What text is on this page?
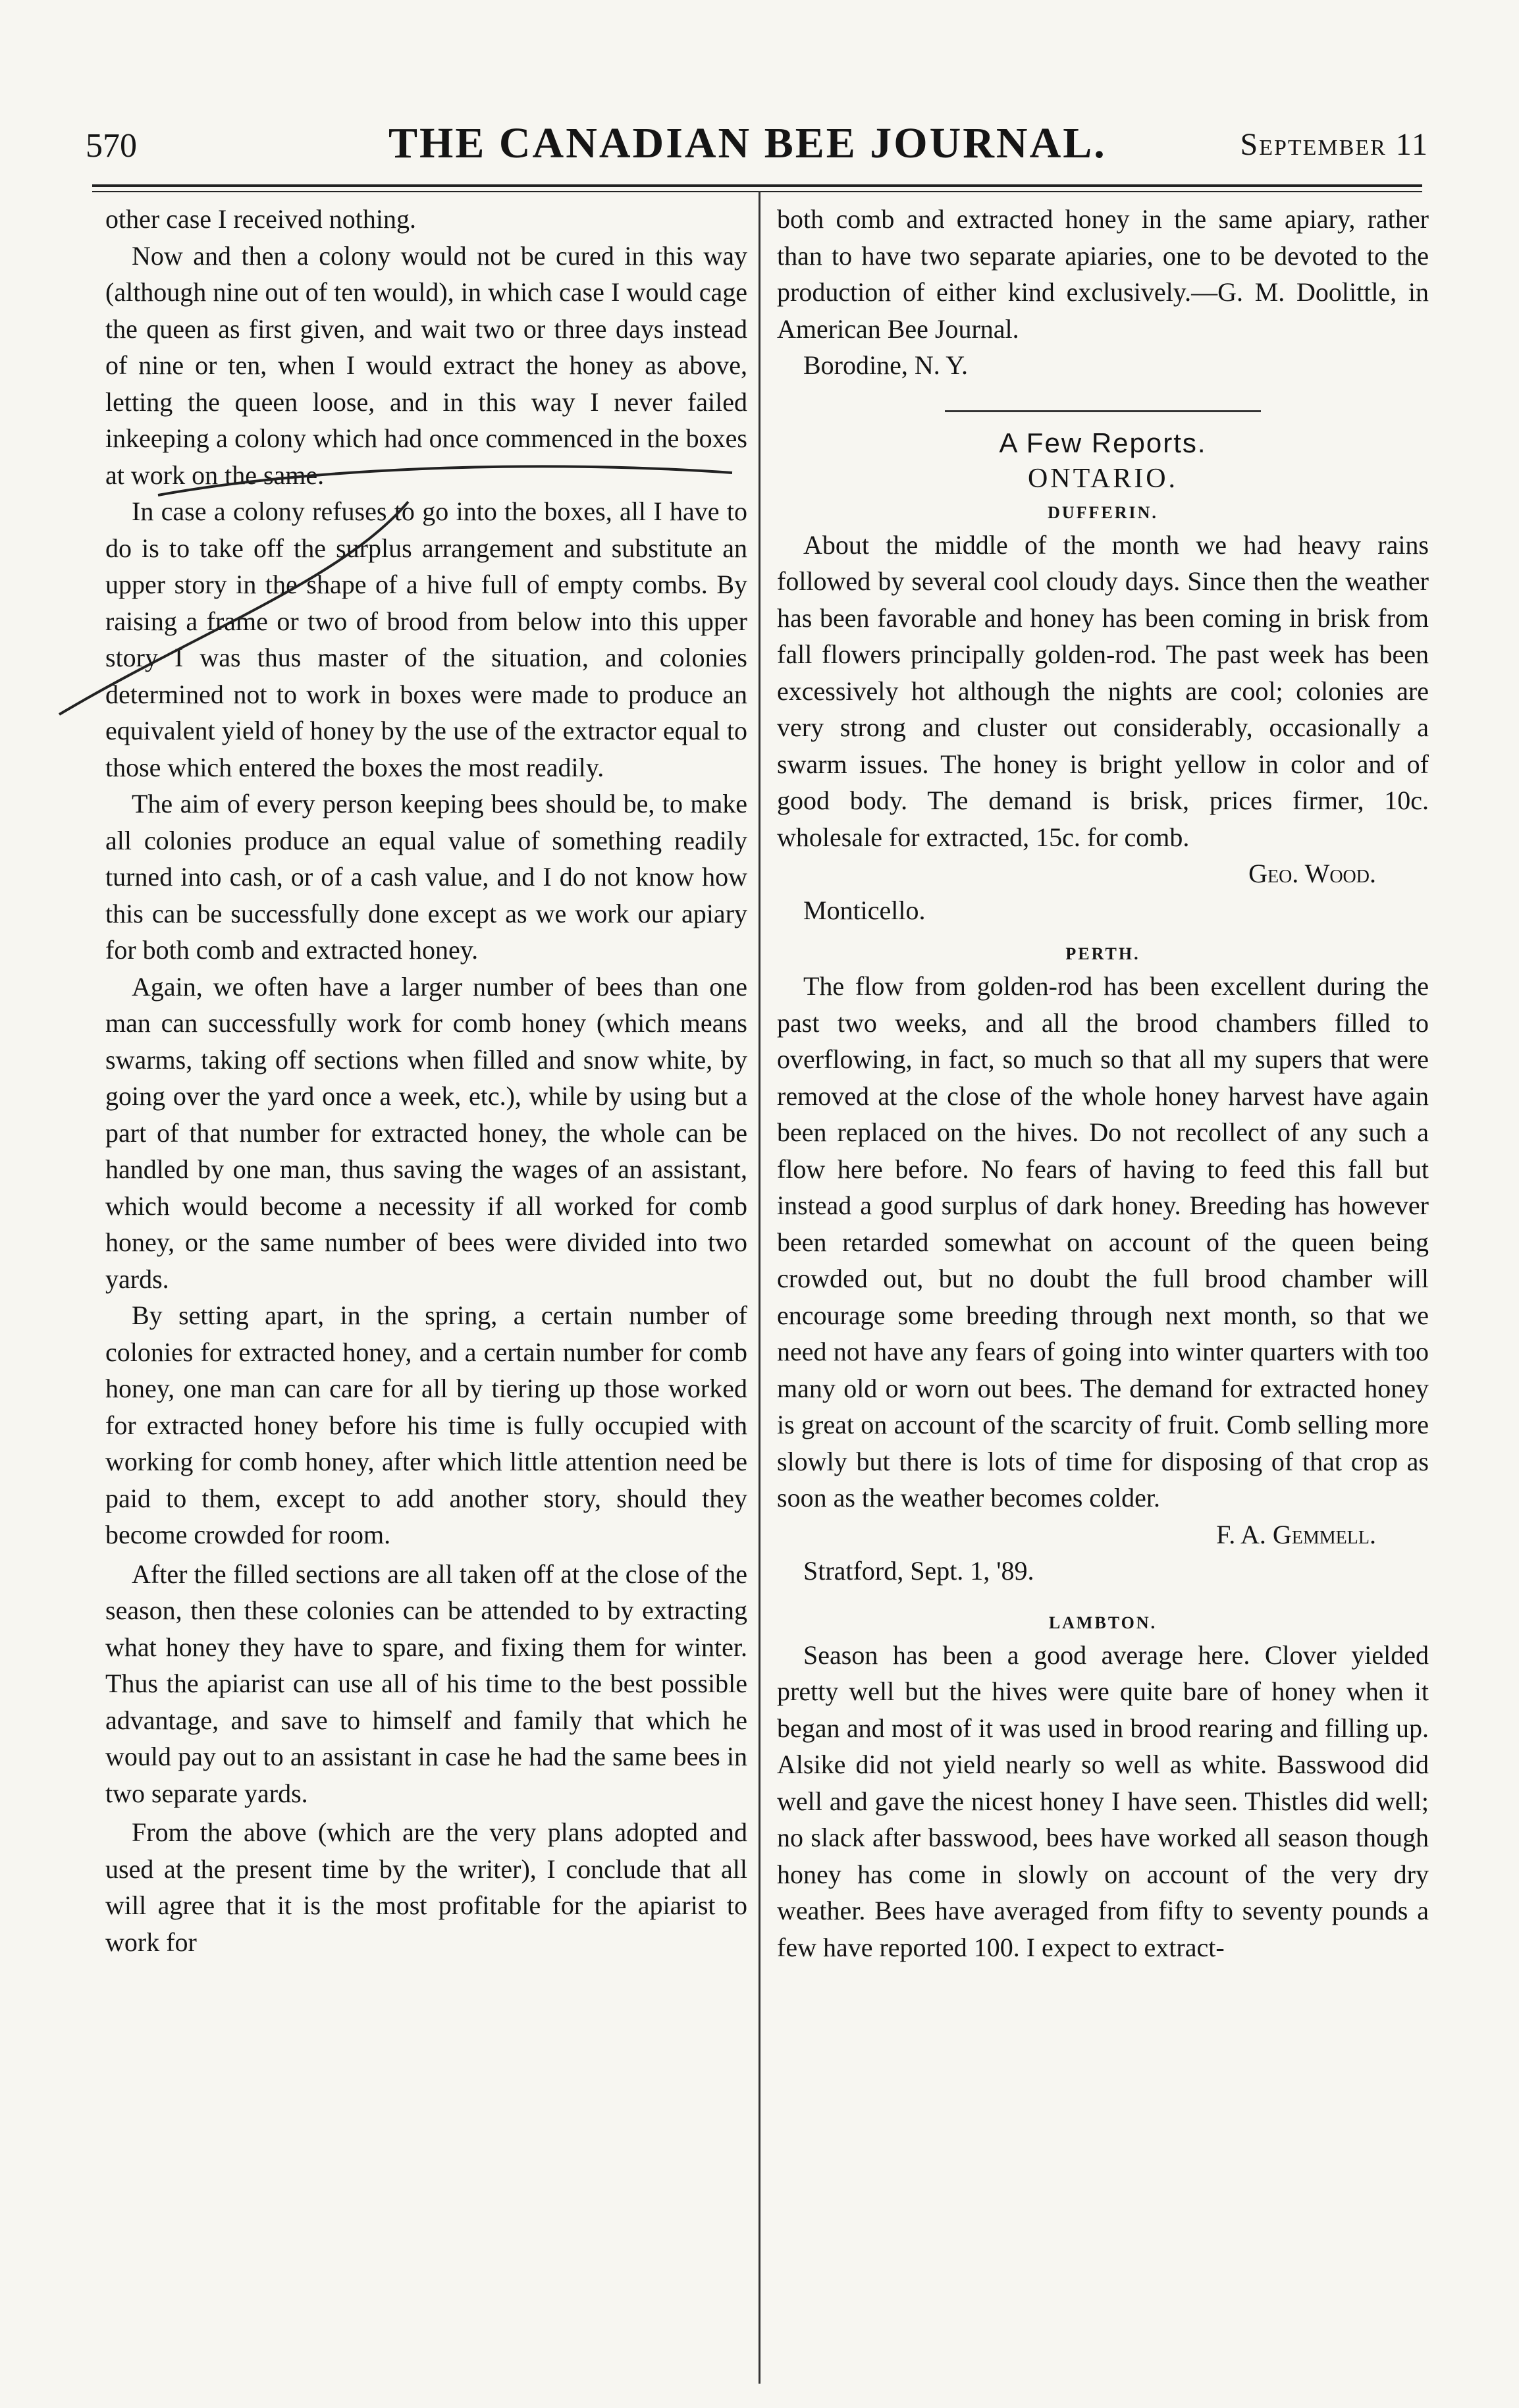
570	THE CANADIAN BEE JOURNAL.	September 11

other case I received nothing.

Now and then a colony would not be cured in this way (although nine out of ten would), in which case I would cage the queen as first given, and wait two or three days instead of nine or ten, when I would extract the honey as above, letting the queen loose, and in this way I never failed inkeeping a colony which had once commenced in the boxes at work on the same.

In case a colony refuses to go into the boxes, all I have to do is to take off the surplus arrangement and substitute an upper story in the shape of a hive full of empty combs. By raising a frame or two of brood from below into this upper story I was thus master of the situation, and colonies determined not to work in boxes were made to produce an equivalent yield of honey by the use of the extractor equal to those which entered the boxes the most readily.

The aim of every person keeping bees should be, to make all colonies produce an equal value of something readily turned into cash, or of a cash value, and I do not know how this can be successfully done except as we work our apiary for both comb and extracted honey.

Again, we often have a larger number of bees than one man can successfully work for comb honey (which means swarms, taking off sections when filled and snow white, by going over the yard once a week, etc.), while by using but a part of that number for extracted honey, the whole can be handled by one man, thus saving the wages of an assistant, which would become a necessity if all worked for comb honey, or the same number of bees were divided into two yards.

By setting apart, in the spring, a certain number of colonies for extracted honey, and a certain number for comb honey, one man can care for all by tiering up those worked for extracted honey before his time is fully occupied with working for comb honey, after which little attention need be paid to them, except to add another story, should they become crowded for room.

After the filled sections are all taken off at the close of the season, then these colonies can be attended to by extracting what honey they have to spare, and fixing them for winter. Thus the apiarist can use all of his time to the best possible advantage, and save to himself and family that which he would pay out to an assistant in case he had the same bees in two separate yards.

From the above (which are the very plans adopted and used at the present time by the writer), I conclude that all will agree that it is the most profitable for the apiarist to work for

both comb and extracted honey in the same apiary, rather than to have two separate apiaries, one to be devoted to the production of either kind exclusively.—G. M. Doolittle, in American Bee Journal.

Borodine, N. Y.

A Few Reports.

ONTARIO.

DUFFERIN.

About the middle of the month we had heavy rains followed by several cool cloudy days. Since then the weather has been favorable and honey has been coming in brisk from fall flowers principally golden-rod. The past week has been excessively hot although the nights are cool; colonies are very strong and cluster out considerably, occasionally a swarm issues. The honey is bright yellow in color and of good body. The demand is brisk, prices firmer, 10c. wholesale for extracted, 15c. for comb.

Geo. Wood.
Monticello.
PERTH.

The flow from golden-rod has been excellent during the past two weeks, and all the brood chambers filled to overflowing, in fact, so much so that all my supers that were removed at the close of the whole honey harvest have again been replaced on the hives. Do not recollect of any such a flow here before. No fears of having to feed this fall but instead a good surplus of dark honey. Breeding has however been retarded somewhat on account of the queen being crowded out, but no doubt the full brood chamber will encourage some breeding through next month, so that we need not have any fears of going into winter quarters with too many old or worn out bees. The demand for extracted honey is great on account of the scarcity of fruit. Comb selling more slowly but there is lots of time for disposing of that crop as soon as the weather becomes colder.

F. A. Gemmell.
Stratford, Sept. 1, '89.
LAMBTON.

Season has been a good average here. Clover yielded pretty well but the hives were quite bare of honey when it began and most of it was used in brood rearing and filling up. Alsike did not yield nearly so well as white. Basswood did well and gave the nicest honey I have seen. Thistles did well; no slack after basswood, bees have worked all season though honey has come in slowly on account of the very dry weather. Bees have averaged from fifty to seventy pounds a few have reported 100. I expect to extract-
